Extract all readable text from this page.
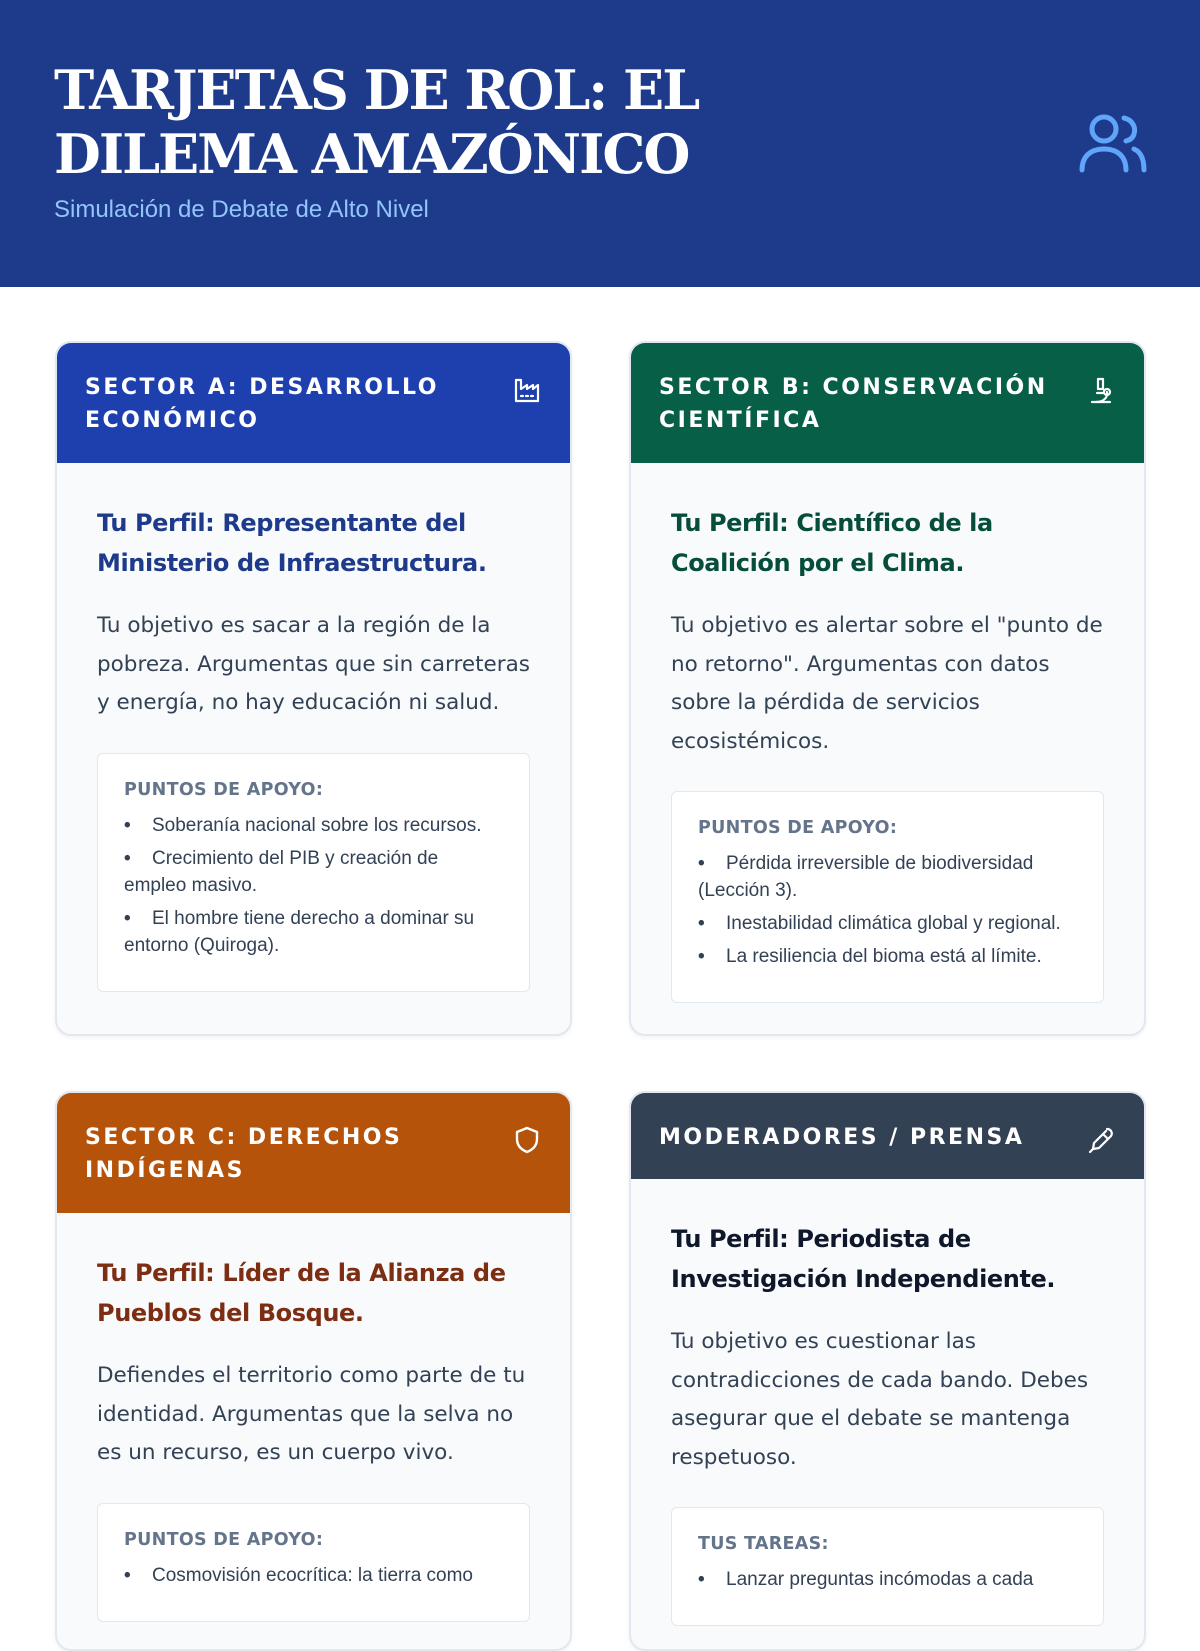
TARJETAS DE ROL: EL DILEMA AMAZÓNICO
Simulación de Debate de Alto Nivel
SECTOR A: DESARROLLO ECONÓMICO
Tu Perfil: Representante del Ministerio de Infraestructura.
Tu objetivo es sacar a la región de la pobreza. Argumentas que sin carreteras y energía, no hay educación ni salud.
PUNTOS DE APOYO:
• Soberanía nacional sobre los recursos.
• Crecimiento del PIB y creación de empleo masivo.
• El hombre tiene derecho a dominar su entorno (Quiroga).
SECTOR B: CONSERVACIÓN CIENTÍFICA
Tu Perfil: Científico de la Coalición por el Clima.
Tu objetivo es alertar sobre el "punto de no retorno". Argumentas con datos sobre la pérdida de servicios ecosistémicos.
PUNTOS DE APOYO:
• Pérdida irreversible de biodiversidad (Lección 3).
• Inestabilidad climática global y regional.
• La resiliencia del bioma está al límite.
SECTOR C: DERECHOS INDÍGENAS
Tu Perfil: Líder de la Alianza de Pueblos del Bosque.
Defiendes el territorio como parte de tu identidad. Argumentas que la selva no es un recurso, es un cuerpo vivo.
PUNTOS DE APOYO:
• Cosmovisión ecocrítica: la tierra como
MODERADORES / PRENSA
Tu Perfil: Periodista de Investigación Independiente.
Tu objetivo es cuestionar las contradicciones de cada bando. Debes asegurar que el debate se mantenga respetuoso.
TUS TAREAS:
• Lanzar preguntas incómodas a cada
